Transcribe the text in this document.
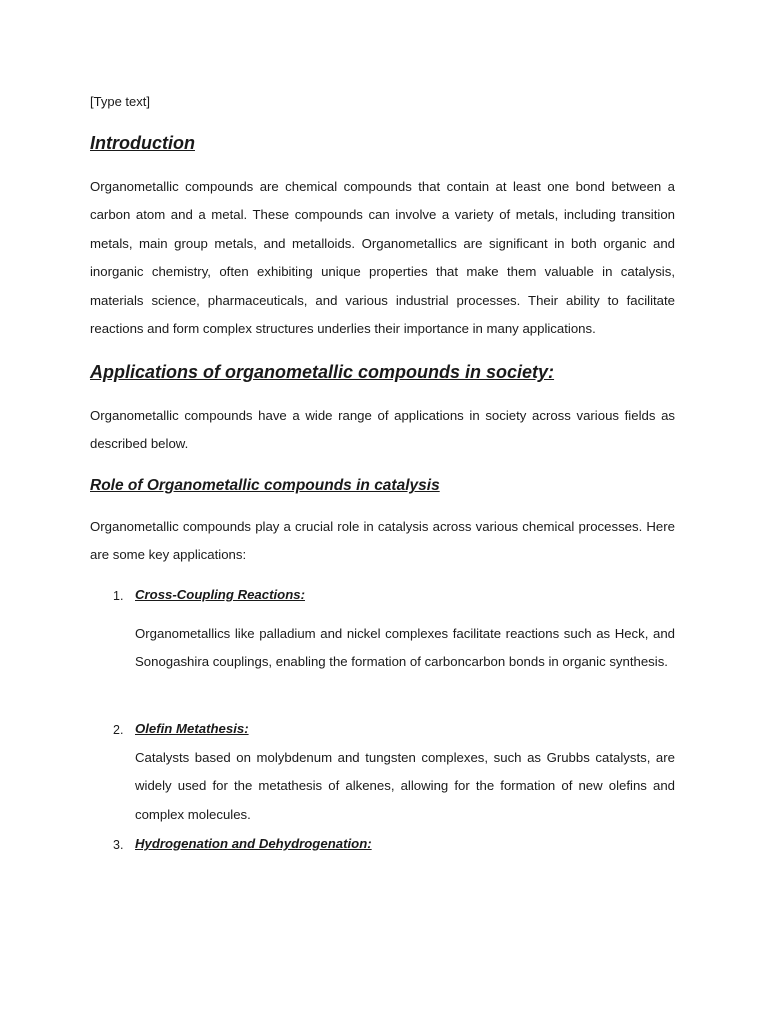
[Type text]
Introduction

Organometallic compounds are chemical compounds that contain at least one bond between a carbon atom and a metal. These compounds can involve a variety of metals, including transition metals, main group metals, and metalloids. Organometallics are significant in both organic and inorganic chemistry, often exhibiting unique properties that make them valuable in catalysis, materials science, pharmaceuticals, and various industrial processes. Their ability to facilitate reactions and form complex structures underlies their importance in many applications.

Applications of organometallic compounds in society:

Organometallic compounds have a wide range of applications in society across various fields as described below.

Role of Organometallic compounds in catalysis

Organometallic compounds play a crucial role in catalysis across various chemical processes. Here are some key applications:

1. Cross-Coupling Reactions:

Organometallics like palladium and nickel complexes facilitate reactions such as Heck, and Sonogashira couplings, enabling the formation of carboncarbon bonds in organic synthesis.

2. Olefin Metathesis:

Catalysts based on molybdenum and tungsten complexes, such as Grubbs catalysts, are widely used for the metathesis of alkenes, allowing for the formation of new olefins and complex molecules.

3. Hydrogenation and Dehydrogenation:
